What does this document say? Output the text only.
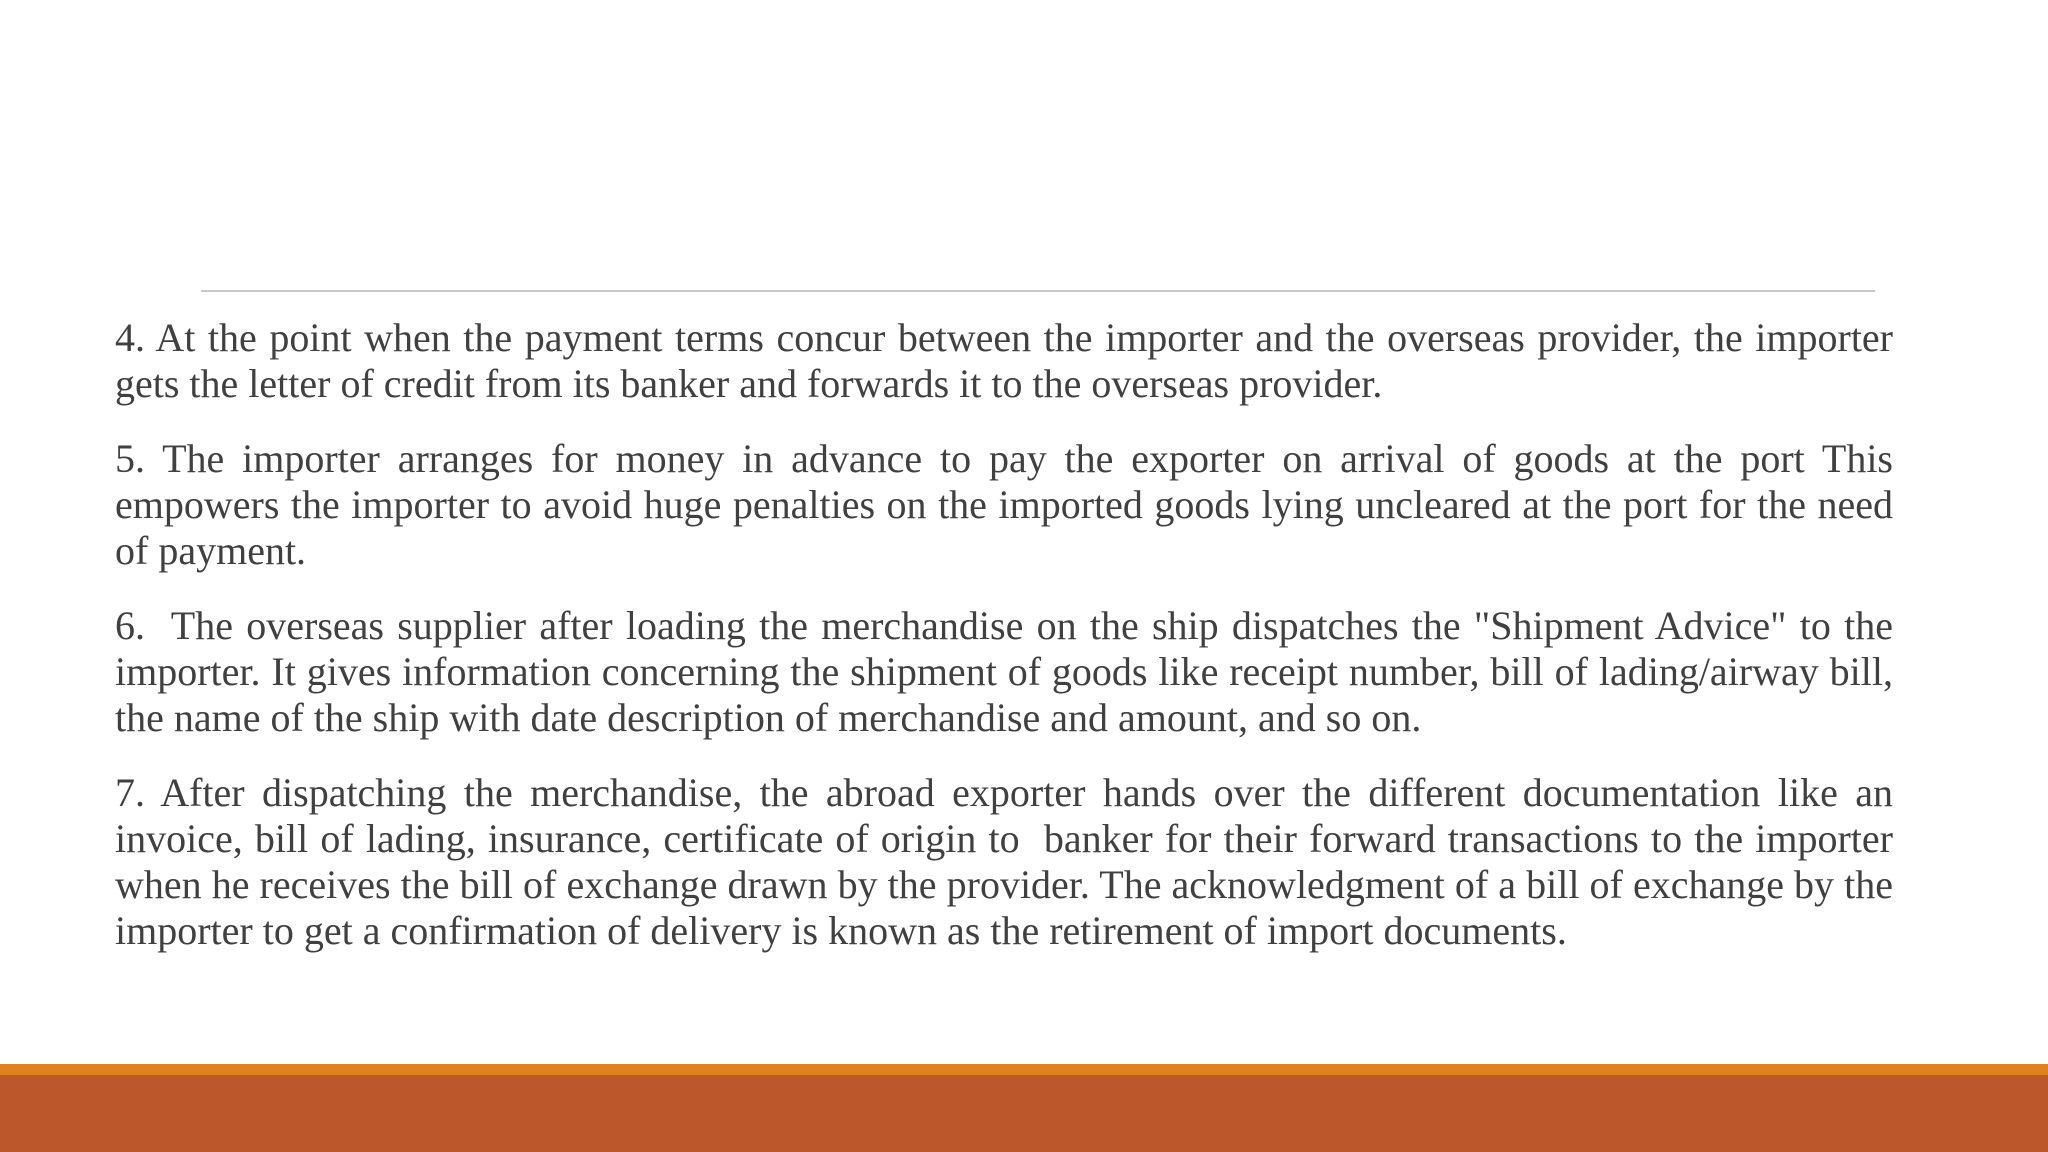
4. At the point when the payment terms concur between the importer and the overseas provider, the importer gets the letter of credit from its banker and forwards it to the overseas provider.

5. The importer arranges for money in advance to pay the exporter on arrival of goods at the port This empowers the importer to avoid huge penalties on the imported goods lying uncleared at the port for the need of payment.

6.  The overseas supplier after loading the merchandise on the ship dispatches the "Shipment Advice" to the importer. It gives information concerning the shipment of goods like receipt number, bill of lading/airway bill, the name of the ship with date description of merchandise and amount, and so on.

7. After dispatching the merchandise, the abroad exporter hands over the different documentation like an invoice, bill of lading, insurance, certificate of origin to  banker for their forward transactions to the importer when he receives the bill of exchange drawn by the provider. The acknowledgment of a bill of exchange by the importer to get a confirmation of delivery is known as the retirement of import documents.
